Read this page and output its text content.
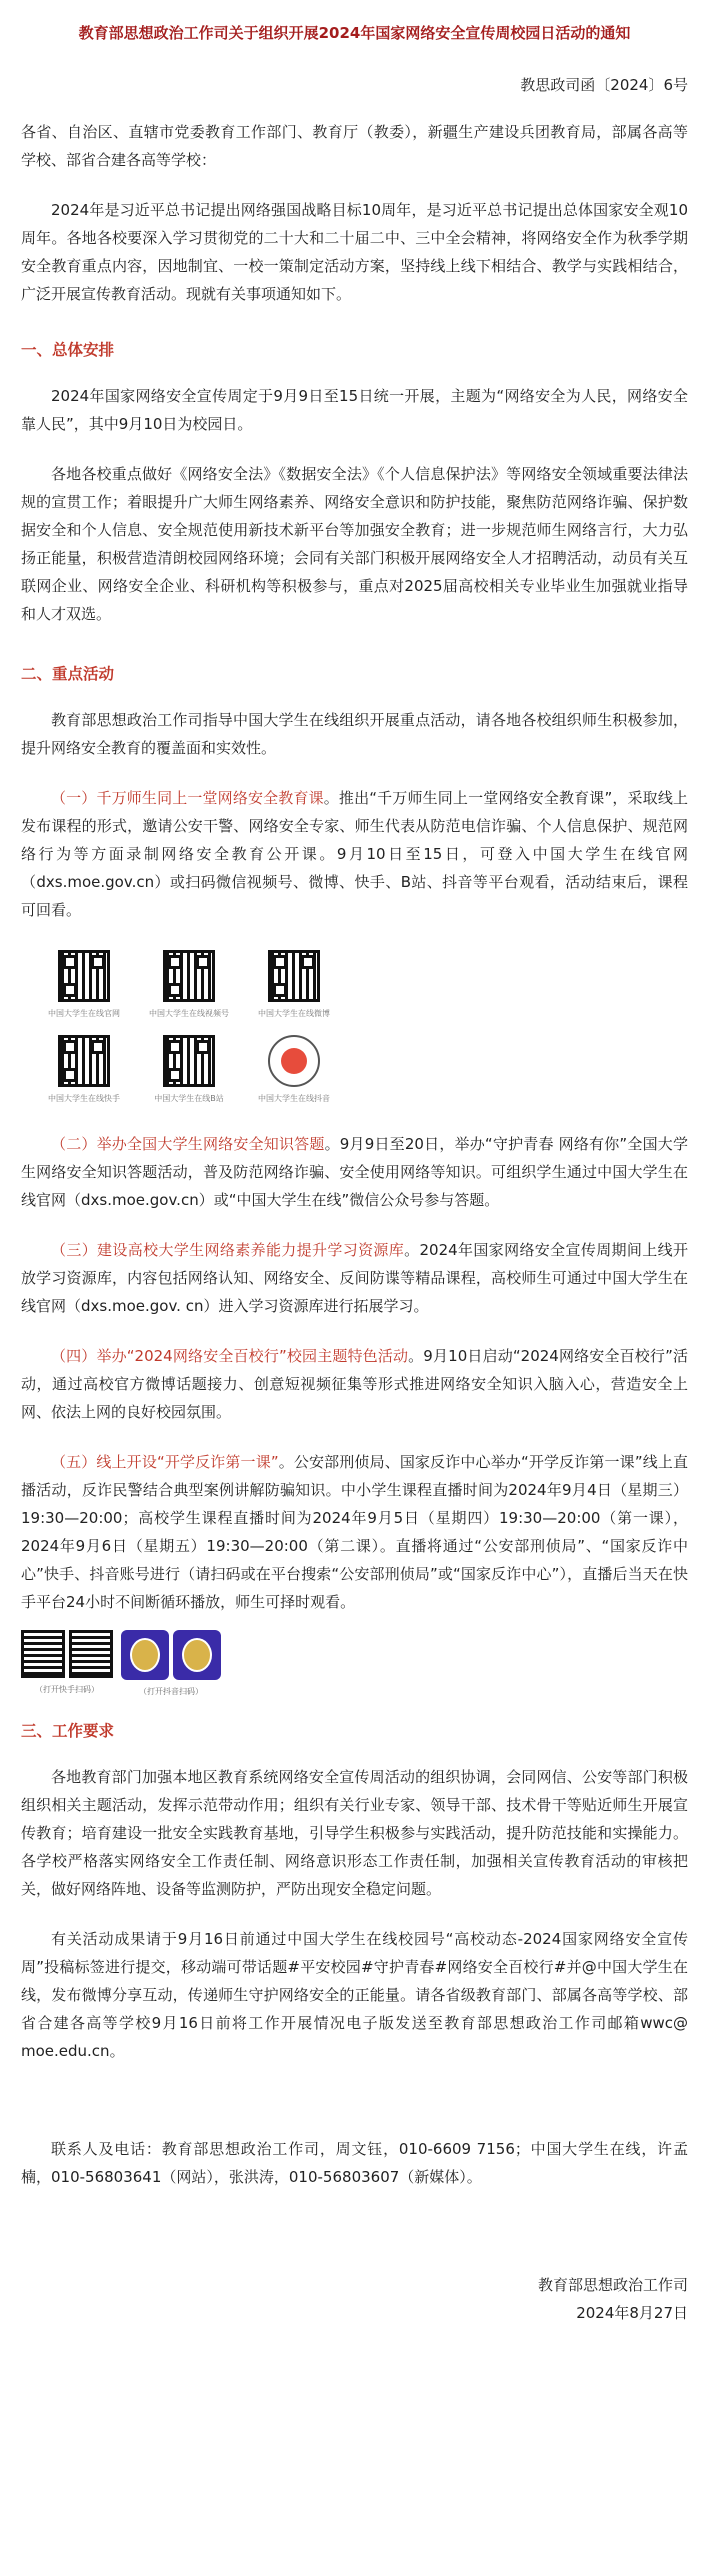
教育部思想政治工作司关于组织开展2024年国家网络安全宣传周校园日活动的通知
教思政司函〔2024〕6号

各省、自治区、直辖市党委教育工作部门、教育厅（教委），新疆生产建设兵团教育局，部属各高等学校、部省合建各高等学校：

2024年是习近平总书记提出网络强国战略目标10周年，是习近平总书记提出总体国家安全观10周年。各地各校要深入学习贯彻党的二十大和二十届二中、三中全会精神，将网络安全作为秋季学期安全教育重点内容，因地制宜、一校一策制定活动方案，坚持线上线下相结合、教学与实践相结合，广泛开展宣传教育活动。现就有关事项通知如下。

一、总体安排

2024年国家网络安全宣传周定于9月9日至15日统一开展，主题为“网络安全为人民，网络安全靠人民”，其中9月10日为校园日。

各地各校重点做好《网络安全法》《数据安全法》《个人信息保护法》等网络安全领域重要法律法规的宣贯工作；着眼提升广大师生网络素养、网络安全意识和防护技能，聚焦防范网络诈骗、保护数据安全和个人信息、安全规范使用新技术新平台等加强安全教育；进一步规范师生网络言行，大力弘扬正能量，积极营造清朗校园网络环境；会同有关部门积极开展网络安全人才招聘活动，动员有关互联网企业、网络安全企业、科研机构等积极参与，重点对2025届高校相关专业毕业生加强就业指导和人才双选。

二、重点活动

教育部思想政治工作司指导中国大学生在线组织开展重点活动，请各地各校组织师生积极参加，提升网络安全教育的覆盖面和实效性。

（一）千万师生同上一堂网络安全教育课。推出“千万师生同上一堂网络安全教育课”，采取线上发布课程的形式，邀请公安干警、网络安全专家、师生代表从防范电信诈骗、个人信息保护、规范网络行为等方面录制网络安全教育公开课。9月10日至15日，可登入中国大学生在线官网（dxs.moe.gov.cn）或扫码微信视频号、微博、快手、B站、抖音等平台观看，活动结束后，课程可回看。

中国大学生在线官网	中国大学生在线视频号	中国大学生在线微博
中国大学生在线快手	中国大学生在线B站	中国大学生在线抖音

（二）举办全国大学生网络安全知识答题。9月9日至20日，举办“守护青春 网络有你”全国大学生网络安全知识答题活动，普及防范网络诈骗、安全使用网络等知识。可组织学生通过中国大学生在线官网（dxs.moe.gov.cn）或“中国大学生在线”微信公众号参与答题。

（三）建设高校大学生网络素养能力提升学习资源库。2024年国家网络安全宣传周期间上线开放学习资源库，内容包括网络认知、网络安全、反间防谍等精品课程，高校师生可通过中国大学生在线官网（dxs.moe.gov. cn）进入学习资源库进行拓展学习。

（四）举办“2024网络安全百校行”校园主题特色活动。9月10日启动“2024网络安全百校行”活动，通过高校官方微博话题接力、创意短视频征集等形式推进网络安全知识入脑入心，营造安全上网、依法上网的良好校园氛围。

（五）线上开设“开学反诈第一课”。公安部刑侦局、国家反诈中心举办“开学反诈第一课”线上直播活动，反诈民警结合典型案例讲解防骗知识。中小学生课程直播时间为2024年9月4日（星期三）19:30—20:00；高校学生课程直播时间为2024年9月5日（星期四）19:30—20:00（第一课），2024年9月6日（星期五）19:30—20:00（第二课）。直播将通过“公安部刑侦局”、“国家反诈中心”快手、抖音账号进行（请扫码或在平台搜索“公安部刑侦局”或“国家反诈中心”），直播后当天在快手平台24小时不间断循环播放，师生可择时观看。

（打开快手扫码）	（打开抖音扫码）
三、工作要求

各地教育部门加强本地区教育系统网络安全宣传周活动的组织协调，会同网信、公安等部门积极组织相关主题活动，发挥示范带动作用；组织有关行业专家、领导干部、技术骨干等贴近师生开展宣传教育；培育建设一批安全实践教育基地，引导学生积极参与实践活动，提升防范技能和实操能力。各学校严格落实网络安全工作责任制、网络意识形态工作责任制，加强相关宣传教育活动的审核把关，做好网络阵地、设备等监测防护，严防出现安全稳定问题。

有关活动成果请于9月16日前通过中国大学生在线校园号“高校动态-2024国家网络安全宣传周”投稿标签进行提交，移动端可带话题#平安校园#守护青春#网络安全百校行#并@中国大学生在线，发布微博分享互动，传递师生守护网络安全的正能量。请各省级教育部门、部属各高等学校、部省合建各高等学校9月16日前将工作开展情况电子版发送至教育部思想政治工作司邮箱wwc@ moe.edu.cn。

联系人及电话：教育部思想政治工作司，周文钰，010-6609 7156；中国大学生在线，许孟楠，010-56803641（网站），张洪涛，010-56803607（新媒体）。

教育部思想政治工作司
2024年8月27日
